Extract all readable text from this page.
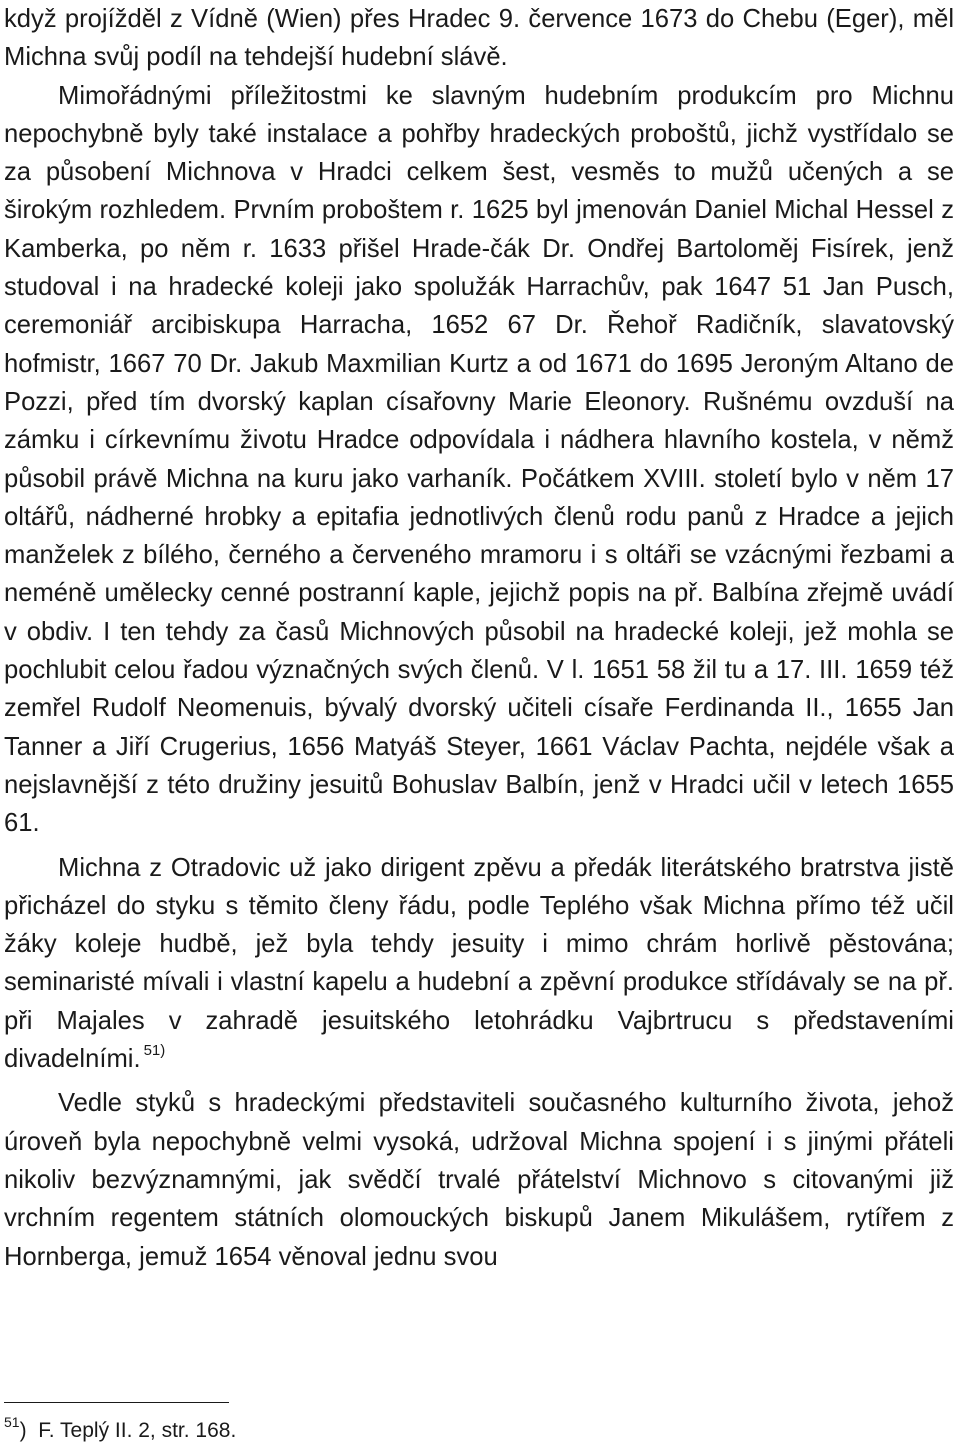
když projížděl z Vídně (Wien) přes Hradec 9. července 1673 do Chebu (Eger), měl Michna svůj podíl na tehdejší hudební slávě.

Mimořádnými příležitostmi ke slavným hudebním produkcím pro Michnu nepochybně byly také instalace a pohřby hradeckých proboštů, jichž vystřídalo se za působení Michnova v Hradci celkem šest, vesměs to mužů učených a se širokým rozhledem. Prvním proboštem r. 1625 byl jmenován Daniel Michal Hessel z Kamberka, po něm r. 1633 přišel Hrade-čák Dr. Ondřej Bartoloměj Fisírek, jenž studoval i na hradecké koleji jako spolužák Harrachův, pak 1647 51 Jan Pusch, ceremoniář arcibiskupa Harracha, 1652 67 Dr. Řehoř Radičník, slavatovský hofmistr, 1667 70 Dr. Jakub Maxmilian Kurtz a od 1671 do 1695 Jeroným Altano de Pozzi, před tím dvorský kaplan císařovny Marie Eleonory. Rušnému ovzduší na zámku i církevnímu životu Hradce odpovídala i nádhera hlavního kostela, v němž působil právě Michna na kuru jako varhaník. Počátkem XVIII. století bylo v něm 17 oltářů, nádherné hrobky a epitafia jednotlivých členů rodu panů z Hradce a jejich manželek z bílého, černého a červeného mramoru i s oltáři se vzácnými řezbami a neméně umělecky cenné postranní kaple, jejichž popis na př. Balbína zřejmě uvádí v obdiv. I ten tehdy za časů Michnových působil na hradecké koleji, jež mohla se pochlubit celou řadou význačných svých členů. V l. 1651 58 žil tu a 17. III. 1659 též zemřel Rudolf Neomenuis, bývalý dvorský učiteli císaře Ferdinanda II., 1655 Jan Tanner a Jiří Crugerius, 1656 Matyáš Steyer, 1661 Václav Pachta, nejdéle však a nejslavnější z této družiny jesuitů Bohuslav Balbín, jenž v Hradci učil v letech 1655 61.

Michna z Otradovic už jako dirigent zpěvu a předák literátského bratrstva jistě přicházel do styku s těmito členy řádu, podle Teplého však Michna přímo též učil žáky koleje hudbě, jež byla tehdy jesuity i mimo chrám horlivě pěstována; seminaristé mívali i vlastní kapelu a hudební a zpěvní produkce střídávaly se na př. při Majales v zahradě jesuitského letohrádku Vajbrtrucu s představeními divadelními. $^{51)}$

Vedle styků s hradeckými představiteli současného kulturního života, jehož úroveň byla nepochybně velmi vysoká, udržoval Michna spojení i s jinými přáteli nikoliv bezvýznamnými, jak svědčí trvalé přátelství Michnovo s citovanými již vrchním regentem státních olomouckých biskupů Janem Mikulášem, rytířem z Hornberga, jemuž 1654 věnoval jednu svou

$^{51}$) F. Teplý II. 2, str. 168.
